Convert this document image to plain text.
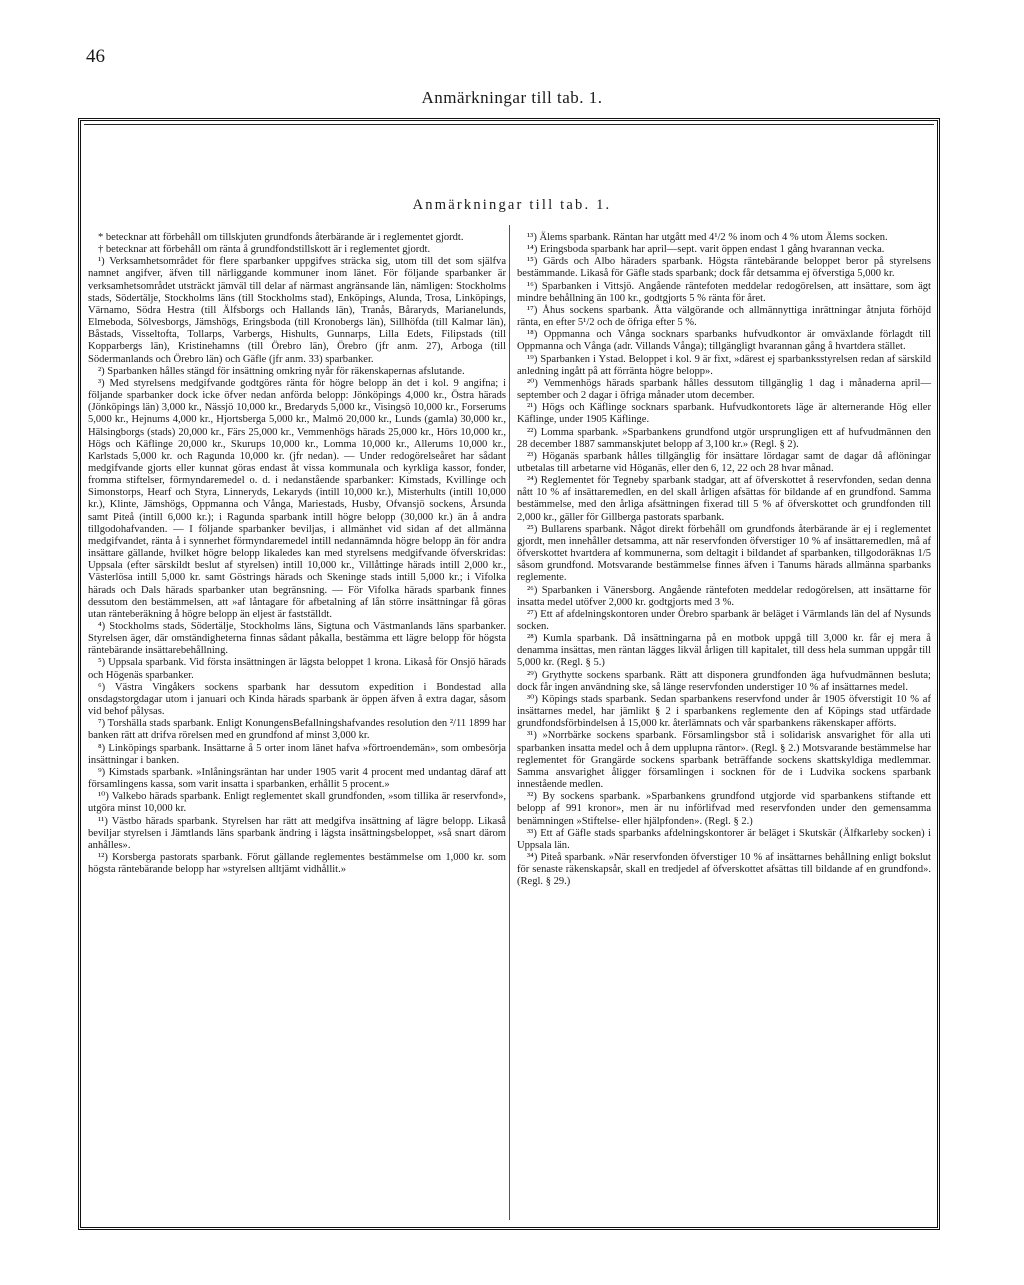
46
Anmärkningar till tab. 1.
Anmärkningar till tab. 1.

* betecknar att förbehåll om tillskjuten grundfonds återbärande är i reglementet gjordt.

† betecknar att förbehåll om ränta å grundfondstillskott är i reglementet gjordt.

¹) Verksamhetsområdet för flere sparbanker uppgifves sträcka sig, utom till det som själfva namnet angifver, äfven till närliggande kommuner inom länet. För följande sparbanker är verksamhetsområdet utsträckt jämväl till delar af närmast angränsande län, nämligen: Stockholms stads, Södertälje, Stockholms läns (till Stockholms stad), Enköpings, Alunda, Trosa, Linköpings, Värnamo, Södra Hestra (till Älfsborgs och Hallands län), Tranås, Båraryds, Marianelunds, Elmeboda, Sölvesborgs, Jämshögs, Eringsboda (till Kronobergs län), Sillhöfda (till Kalmar län), Båstads, Visseltofta, Tollarps, Varbergs, Hishults, Gunnarps, Lilla Edets, Filipstads (till Kopparbergs län), Kristinehamns (till Örebro län), Örebro (jfr anm. 27), Arboga (till Södermanlands och Örebro län) och Gäfle (jfr anm. 33) sparbanker.

²) Sparbanken hålles stängd för insättning omkring nyår för räkenskapernas afslutande.

³) Med styrelsens medgifvande godtgöres ränta för högre belopp än det i kol. 9 angifna; i följande sparbanker dock icke öfver nedan anförda belopp: Jönköpings 4,000 kr., Östra härads (Jönköpings län) 3,000 kr., Nässjö 10,000 kr., Bredaryds 5,000 kr., Visingsö 10,000 kr., Forserums 5,000 kr., Hejnums 4,000 kr., Hjortsberga 5,000 kr., Malmö 20,000 kr., Lunds (gamla) 30,000 kr., Hälsingborgs (stads) 20,000 kr., Färs 25,000 kr., Vemmenhögs härads 25,000 kr., Hörs 10,000 kr., Högs och Käflinge 20,000 kr., Skurups 10,000 kr., Lomma 10,000 kr., Allerums 10,000 kr., Karlstads 5,000 kr. och Ragunda 10,000 kr. (jfr nedan). — Under redogörelseåret har sådant medgifvande gjorts eller kunnat göras endast åt vissa kommunala och kyrkliga kassor, fonder, fromma stiftelser, förmyndaremedel o. d. i nedanstående sparbanker: Kimstads, Kvillinge och Simonstorps, Hearf och Styra, Linneryds, Lekaryds (intill 10,000 kr.), Misterhults (intill 10,000 kr.), Klinte, Jämshögs, Oppmanna och Vånga, Mariestads, Husby, Ofvansjö sockens, Årsunda samt Piteå (intill 6,000 kr.); i Ragunda sparbank intill högre belopp (30,000 kr.) än å andra tillgodohafvanden. — I följande sparbanker beviljas, i allmänhet vid sidan af det allmänna medgifvandet, ränta å i synnerhet förmyndaremedel intill nedannämnda högre belopp än för andra insättare gällande, hvilket högre belopp likaledes kan med styrelsens medgifvande öfverskridas: Uppsala (efter särskildt beslut af styrelsen) intill 10,000 kr., Villåttinge härads intill 2,000 kr., Västerlösa intill 5,000 kr. samt Göstrings härads och Skeninge stads intill 5,000 kr.; i Vifolka härads och Dals härads sparbanker utan begränsning. — För Vifolka härads sparbank finnes dessutom den bestämmelsen, att »af låntagare för afbetalning af lån större insättningar få göras utan ränteberäkning å högre belopp än eljest är fastställdt.

⁴) Stockholms stads, Södertälje, Stockholms läns, Sigtuna och Västmanlands läns sparbanker. Styrelsen äger, där omständigheterna finnas sådant påkalla, bestämma ett lägre belopp för högsta räntebärande insättarebehållning.

⁵) Uppsala sparbank. Vid första insättningen är lägsta beloppet 1 krona. Likaså för Onsjö härads och Högenäs sparbanker.

⁶) Västra Vingåkers sockens sparbank har dessutom expedition i Bondestad alla onsdagstorgdagar utom i januari och Kinda härads sparbank är öppen äfven å extra dagar, såsom vid behof pålysas.

⁷) Torshälla stads sparbank. Enligt KonungensBefallningshafvandes resolution den ²/11 1899 har banken rätt att drifva rörelsen med en grundfond af minst 3,000 kr.

⁸) Linköpings sparbank. Insättarne å 5 orter inom länet hafva »förtroendemän», som ombesörja insättningar i banken.

⁹) Kimstads sparbank. »Inlåningsräntan har under 1905 varit 4 procent med undantag däraf att församlingens kassa, som varit insatta i sparbanken, erhållit 5 procent.»

¹⁰) Valkebo härads sparbank. Enligt reglementet skall grundfonden, »som tillika är reservfond», utgöra minst 10,000 kr.

¹¹) Västbo härads sparbank. Styrelsen har rätt att medgifva insättning af lägre belopp. Likaså beviljar styrelsen i Jämtlands läns sparbank ändring i lägsta insättningsbeloppet, »så snart därom anhålles».

¹²) Korsberga pastorats sparbank. Förut gällande reglementes bestämmelse om 1,000 kr. som högsta räntebärande belopp har »styrelsen alltjämt vidhållit.»

¹³) Älems sparbank. Räntan har utgått med 4¹/2 % inom och 4 % utom Älems socken.

¹⁴) Eringsboda sparbank har april—sept. varit öppen endast 1 gång hvarannan vecka.

¹⁵) Gärds och Albo häraders sparbank. Högsta räntebärande beloppet beror på styrelsens bestämmande. Likaså för Gäfle stads sparbank; dock får detsamma ej öfverstiga 5,000 kr.

¹⁶) Sparbanken i Vittsjö. Angående räntefoten meddelar redogörelsen, att insättare, som ägt mindre behållning än 100 kr., godtgjorts 5 % ränta för året.

¹⁷) Åhus sockens sparbank. Åtta välgörande och allmännyttiga inrättningar åtnjuta förhöjd ränta, en efter 5¹/2 och de öfriga efter 5 %.

¹⁸) Oppmanna och Vånga socknars sparbanks hufvudkontor är omväxlande förlagdt till Oppmanna och Vånga (adr. Villands Vånga); tillgängligt hvarannan gång å hvartdera stället.

¹⁹) Sparbanken i Ystad. Beloppet i kol. 9 är fixt, »därest ej sparbanksstyrelsen redan af särskild anledning ingått på att förränta högre belopp».

²⁰) Vemmenhögs härads sparbank hålles dessutom tillgänglig 1 dag i månaderna april—september och 2 dagar i öfriga månader utom december.

²¹) Högs och Käflinge socknars sparbank. Hufvudkontorets läge är alternerande Hög eller Käflinge, under 1905 Käflinge.

²²) Lomma sparbank. »Sparbankens grundfond utgör ursprungligen ett af hufvudmännen den 28 december 1887 sammanskjutet belopp af 3,100 kr.» (Regl. § 2).

²³) Höganäs sparbank hålles tillgänglig för insättare lördagar samt de dagar då aflöningar utbetalas till arbetarne vid Höganäs, eller den 6, 12, 22 och 28 hvar månad.

²⁴) Reglementet för Tegneby sparbank stadgar, att af öfverskottet å reservfonden, sedan denna nått 10 % af insättaremedlen, en del skall årligen afsättas för bildande af en grundfond. Samma bestämmelse, med den årliga afsättningen fixerad till 5 % af öfverskottet och grundfonden till 2,000 kr., gäller för Gillberga pastorats sparbank.

²⁵) Bullarens sparbank. Något direkt förbehåll om grundfonds återbärande är ej i reglementet gjordt, men innehåller detsamma, att när reservfonden öfverstiger 10 % af insättaremedlen, må af öfverskottet hvartdera af kommunerna, som deltagit i bildandet af sparbanken, tillgodoräknas 1/5 såsom grundfond. Motsvarande bestämmelse finnes äfven i Tanums härads allmänna sparbanks reglemente.

²⁶) Sparbanken i Vänersborg. Angående räntefoten meddelar redogörelsen, att insättarne för insatta medel utöfver 2,000 kr. godtgjorts med 3 %.

²⁷) Ett af afdelningskontoren under Örebro sparbank är beläget i Värmlands län del af Nysunds socken.

²⁸) Kumla sparbank. Då insättningarna på en motbok uppgå till 3,000 kr. får ej mera å denamma insättas, men räntan lägges likväl årligen till kapitalet, till dess hela summan uppgår till 5,000 kr. (Regl. § 5.)

²⁹) Grythytte sockens sparbank. Rätt att disponera grundfonden äga hufvudmännen besluta; dock får ingen användning ske, så länge reservfonden understiger 10 % af insättarnes medel.

³⁰) Köpings stads sparbank. Sedan sparbankens reservfond under år 1905 öfverstigit 10 % af insättarnes medel, har jämlikt § 2 i sparbankens reglemente den af Köpings stad utfärdade grundfondsförbindelsen å 15,000 kr. återlämnats och vår sparbankens räkenskaper afförts.

³¹) »Norrbärke sockens sparbank. Församlingsbor stå i solidarisk ansvarighet för alla uti sparbanken insatta medel och å dem upplupna räntor». (Regl. § 2.) Motsvarande bestämmelse har reglementet för Grangärde sockens sparbank beträffande sockens skattskyldiga medlemmar. Samma ansvarighet åligger församlingen i socknen för de i Ludvika sockens sparbank innestående medlen.

³²) By sockens sparbank. »Sparbankens grundfond utgjorde vid sparbankens stiftande ett belopp af 991 kronor», men är nu införlifvad med reservfonden under den gemensamma benämningen »Stiftelse- eller hjälpfonden». (Regl. § 2.)

³³) Ett af Gäfle stads sparbanks afdelningskontorer är beläget i Skutskär (Älfkarleby socken) i Uppsala län.

³⁴) Piteå sparbank. »När reservfonden öfverstiger 10 % af insättarnes behållning enligt bokslut för senaste räkenskapsår, skall en tredjedel af öfverskottet afsättas till bildande af en grundfond». (Regl. § 29.)
